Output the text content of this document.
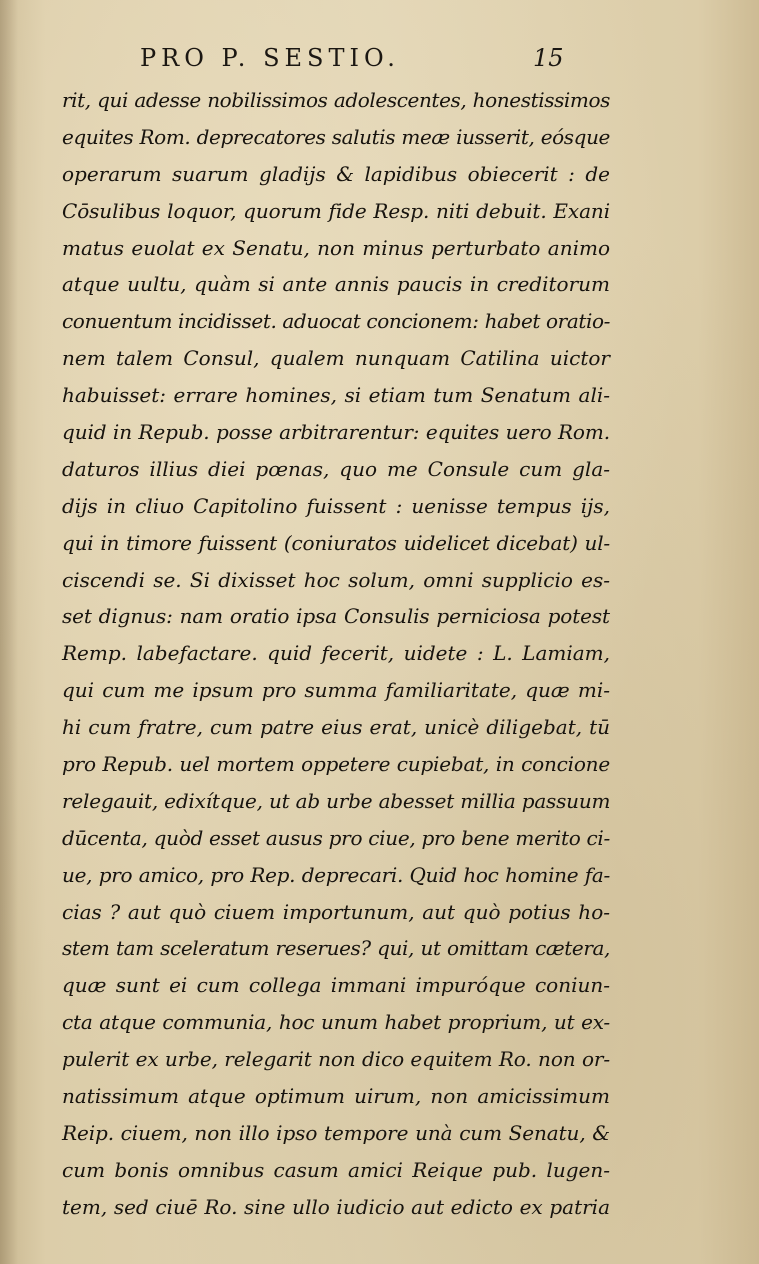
PRO P. SESTIO.	15
rit, qui adesse nobilissimos adolescentes, honestissimos
equites Rom. deprecatores salutis meæ iusserit, eósque
operarum suarum gladijs & lapidibus obiecerit : de
Cōsulibus loquor, quorum fide Resp. niti debuit. Exani
matus euolat ex Senatu, non minus perturbato animo
atque uultu, quàm si ante annis paucis in creditorum
conuentum incidisset. aduocat concionem: habet oratio-
nem talem Consul, qualem nunquam Catilina uictor
habuisset: errare homines, si etiam tum Senatum ali-
quid in Repub. posse arbitrarentur: equites uero Rom.
daturos illius diei pœnas, quo me Consule cum gla-
dijs in cliuo Capitolino fuissent : uenisse tempus ijs,
qui in timore fuissent (coniuratos uidelicet dicebat) ul-
ciscendi se. Si dixisset hoc solum, omni supplicio es-
set dignus: nam oratio ipsa Consulis perniciosa potest
Remp. labefactare. quid fecerit, uidete : L. Lamiam,
qui cum me ipsum pro summa familiaritate, quæ mi-
hi cum fratre, cum patre eius erat, unicè diligebat, tū
pro Repub. uel mortem oppetere cupiebat, in concione
relegauit, edixítque, ut ab urbe abesset millia passuum
dūcenta, quòd esset ausus pro ciue, pro bene merito ci-
ue, pro amico, pro Rep. deprecari. Quid hoc homine fa-
cias ? aut quò ciuem importunum, aut quò potius ho-
stem tam sceleratum reserues? qui, ut omittam cætera,
quæ sunt ei cum collega immani impuróque coniun-
cta atque communia, hoc unum habet proprium, ut ex-
pulerit ex urbe, relegarit non dico equitem Ro. non or-
natissimum atque optimum uirum, non amicissimum
Reip. ciuem, non illo ipso tempore unà cum Senatu, &
cum bonis omnibus casum amici Reique pub. lugen-
tem, sed ciuē Ro. sine ullo iudicio aut edicto ex patria
